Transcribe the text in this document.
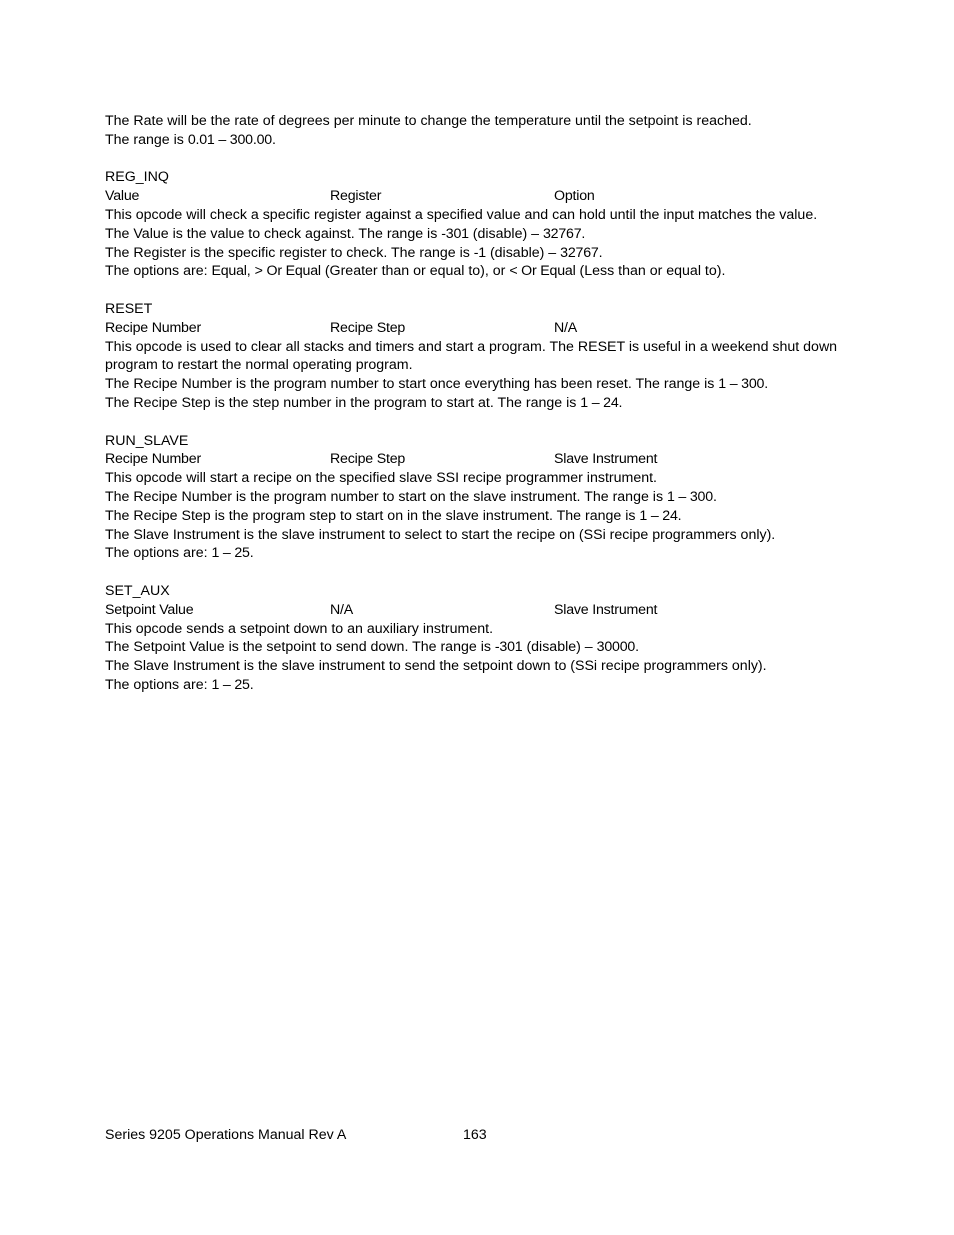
The Rate will be the rate of degrees per minute to change the temperature until the setpoint is reached.
The range is 0.01 – 300.00.
REG_INQ
Value	Register	Option
This opcode will check a specific register against a specified value and can hold until the input matches the value.
The Value is the value to check against. The range is -301 (disable) – 32767.
The Register is the specific register to check. The range is -1 (disable) – 32767.
The options are: Equal, > Or Equal (Greater than or equal to), or < Or Equal (Less than or equal to).
RESET
Recipe Number	Recipe Step	N/A
This opcode is used to clear all stacks and timers and start a program. The RESET is useful in a weekend shut down program to restart the normal operating program.
The Recipe Number is the program number to start once everything has been reset. The range is 1 – 300.
The Recipe Step is the step number in the program to start at. The range is 1 – 24.
RUN_SLAVE
Recipe Number	Recipe Step	Slave Instrument
This opcode will start a recipe on the specified slave SSI recipe programmer instrument.
The Recipe Number is the program number to start on the slave instrument. The range is 1 – 300.
The Recipe Step is the program step to start on in the slave instrument. The range is 1 – 24.
The Slave Instrument is the slave instrument to select to start the recipe on (SSi recipe programmers only).
The options are: 1 – 25.
SET_AUX
Setpoint Value	N/A	Slave Instrument
This opcode sends a setpoint down to an auxiliary instrument.
The Setpoint Value is the setpoint to send down. The range is -301 (disable) – 30000.
The Slave Instrument is the slave instrument to send the setpoint down to (SSi recipe programmers only).
The options are: 1 – 25.
Series 9205 Operations Manual Rev A	163
